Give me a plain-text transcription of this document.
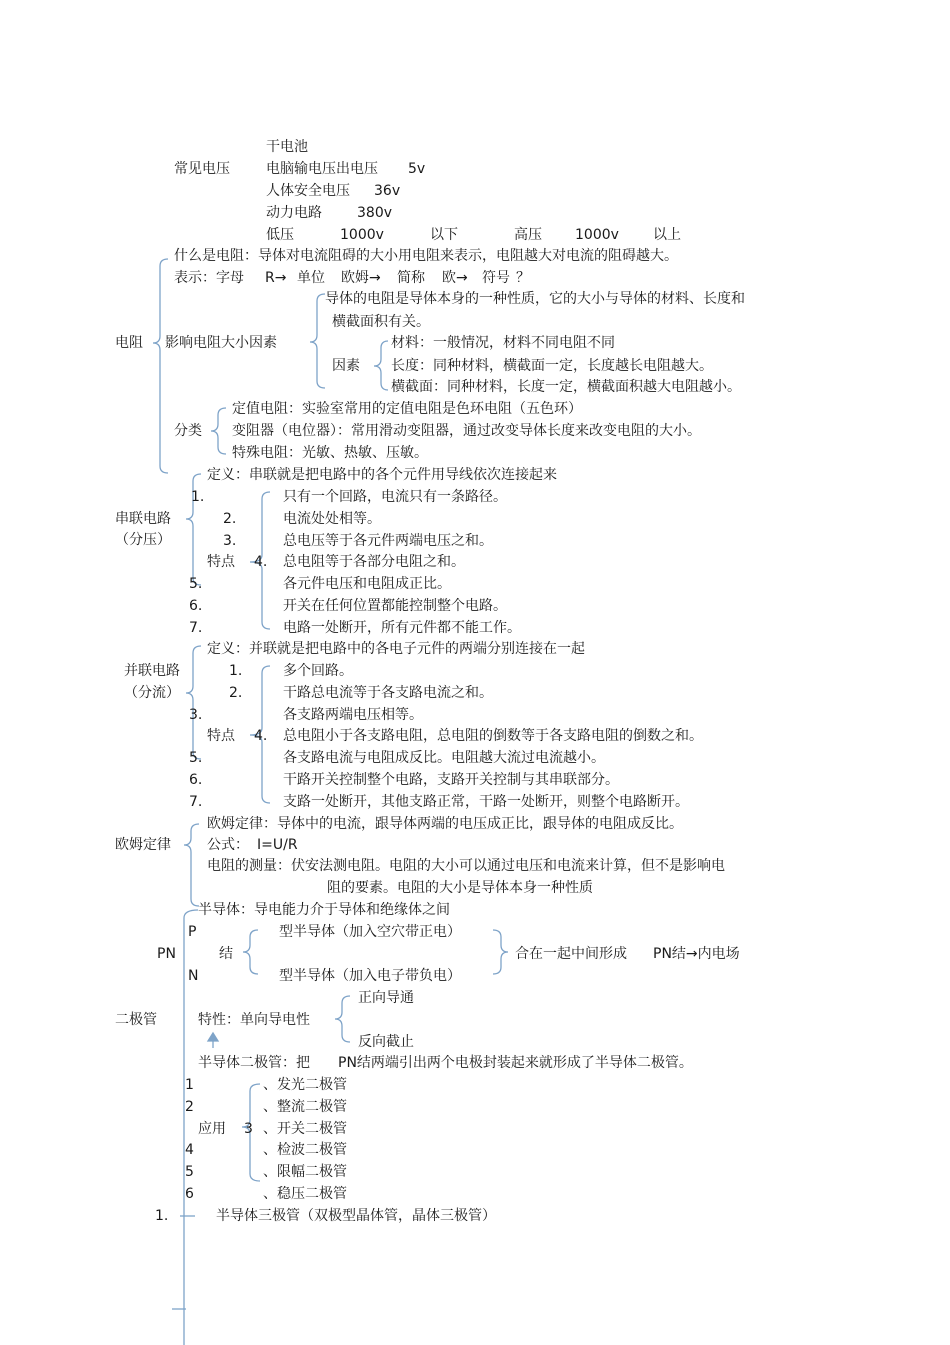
常见电压
干电池
电脑输电压出电压 5v
人体安全电压 36v
动力电路	380v
低压	1000v	以下	高压 1000v 以上
电阻
什么是电阻：导体对电流阻碍的大小用电阻来表示，电阻越大对电流的阻碍越大。
表示：字母 R→ 单位 欧姆→ 简称 欧→ 符号 ？
影响电阻大小因素
导体的电阻是导体本身的一种性质，它的大小与导体的材料、长度和
横截面积有关。
因素
材料：一般情况，材料不同电阻不同
长度：同种材料，横截面一定，长度越长电阻越大。
横截面：同种材料，长度一定，横截面积越大电阻越小。
分类
定值电阻：实验室常用的定值电阻是色环电阻（五色环）
变阻器（电位器）：常用滑动变阻器，通过改变导体长度来改变电阻的大小。
特殊电阻：光敏、热敏、压敏。
串联电路
（分压）
定义：串联就是把电路中的各个元件用导线依次连接起来
特点
1.
2.
3.
4.
5.
6.
7.
只有一个回路，电流只有一条路径。
电流处处相等。
总电压等于各元件两端电压之和。
总电阻等于各部分电阻之和。
各元件电压和电阻成正比。
开关在任何位置都能控制整个电路。
电路一处断开，所有元件都不能工作。
并联电路
（分流）
定义：并联就是把电路中的各电子元件的两端分别连接在一起
特点
1.
2.
3.
4.
5.
6.
7.
多个回路。
干路总电流等于各支路电流之和。
各支路两端电压相等。
总电阻小于各支路电阻，总电阻的倒数等于各支路电阻的倒数之和。
各支路电流与电阻成反比。电阻越大流过电流越小。
干路开关控制整个电路，支路开关控制与其串联部分。
支路一处断开，其他支路正常，干路一处断开，则整个电路断开。
欧姆定律
欧姆定律：导体中的电流，跟导体两端的电压成正比，跟导体的电阻成反比。
公式： I=U/R
电阻的测量：伏安法测电阻。电阻的大小可以通过电压和电流来计算，但不是影响电
阻的要素。电阻的大小是导体本身一种性质
二极管
半导体：导电能力介于导体和绝缘体之间
PN
P
N
结
型半导体（加入空穴带正电）
型半导体（加入电子带负电）
合在一起中间形成 PN结→内电场
特性：单向导电性
正向导通
反向截止
半导体二极管：把 PN结两端引出两个电极封装起来就形成了半导体二极管。
应用
1
2
3
4
5
6
、发光二极管
、整流二极管
、开关二极管
、检波二极管
、限幅二极管
、稳压二极管
1.	半导体三极管（双极型晶体管，晶体三极管）
